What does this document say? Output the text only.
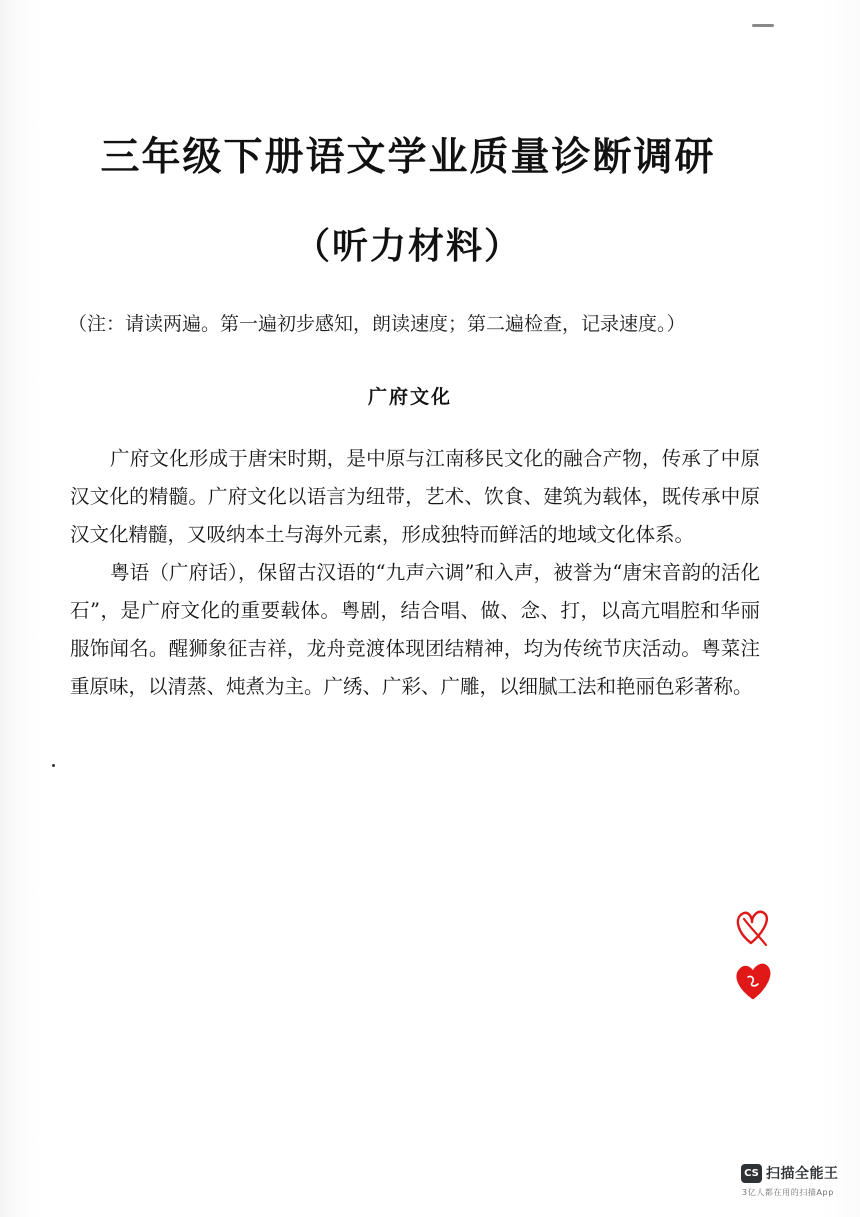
三年级下册语文学业质量诊断调研
（听力材料）
（注：请读两遍。第一遍初步感知，朗读速度；第二遍检查，记录速度。）
广府文化

广府文化形成于唐宋时期，是中原与江南移民文化的融合产物，传承了中原汉文化的精髓。广府文化以语言为纽带，艺术、饮食、建筑为载体，既传承中原汉文化精髓，又吸纳本土与海外元素，形成独特而鲜活的地域文化体系。

粤语（广府话），保留古汉语的“九声六调”和入声，被誉为“唐宋音韵的活化石”，是广府文化的重要载体。粤剧，结合唱、做、念、打，以高亢唱腔和华丽服饰闻名。醒狮象征吉祥，龙舟竞渡体现团结精神，均为传统节庆活动。粤菜注重原味，以清蒸、炖煮为主。广绣、广彩、广雕，以细腻工法和艳丽色彩著称。

CS 扫描全能王
3亿人都在用的扫描App
